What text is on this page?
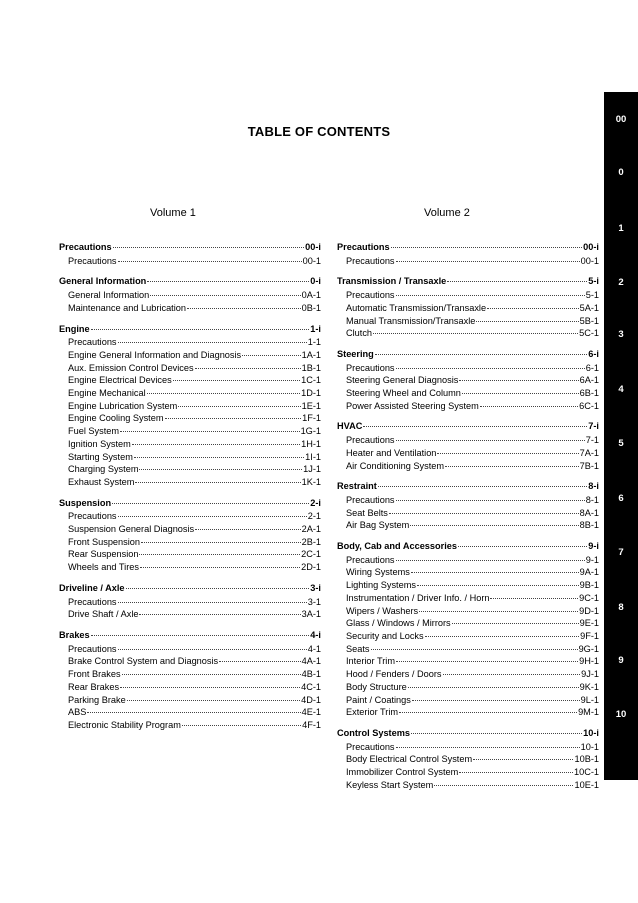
TABLE OF CONTENTS
Volume 1	Volume 2
Precautions	00-i
Precautions	00-1
General Information	0-i
General Information	0A-1
Maintenance and Lubrication	0B-1
Engine	1-i
Precautions	1-1
Engine General Information and Diagnosis	1A-1
Aux. Emission Control Devices	1B-1
Engine Electrical Devices	1C-1
Engine Mechanical	1D-1
Engine Lubrication System	1E-1
Engine Cooling System	1F-1
Fuel System	1G-1
Ignition System	1H-1
Starting System	1I-1
Charging System	1J-1
Exhaust System	1K-1
Suspension	2-i
Precautions	2-1
Suspension General Diagnosis	2A-1
Front Suspension	2B-1
Rear Suspension	2C-1
Wheels and Tires	2D-1
Driveline / Axle	3-i
Precautions	3-1
Drive Shaft / Axle	3A-1
Brakes	4-i
Precautions	4-1
Brake Control System and Diagnosis	4A-1
Front Brakes	4B-1
Rear Brakes	4C-1
Parking Brake	4D-1
ABS	4E-1
Electronic Stability Program	4F-1
Precautions	00-i
Precautions	00-1
Transmission / Transaxle	5-i
Precautions	5-1
Automatic Transmission/Transaxle	5A-1
Manual Transmission/Transaxle	5B-1
Clutch	5C-1
Steering	6-i
Precautions	6-1
Steering General Diagnosis	6A-1
Steering Wheel and Column	6B-1
Power Assisted Steering System	6C-1
HVAC	7-i
Precautions	7-1
Heater and Ventilation	7A-1
Air Conditioning System	7B-1
Restraint	8-i
Precautions	8-1
Seat Belts	8A-1
Air Bag System	8B-1
Body, Cab and Accessories	9-i
Precautions	9-1
Wiring Systems	9A-1
Lighting Systems	9B-1
Instrumentation / Driver Info. / Horn	9C-1
Wipers / Washers	9D-1
Glass / Windows / Mirrors	9E-1
Security and Locks	9F-1
Seats	9G-1
Interior Trim	9H-1
Hood / Fenders / Doors	9J-1
Body Structure	9K-1
Paint / Coatings	9L-1
Exterior Trim	9M-1
Control Systems	10-i
Precautions	10-1
Body Electrical Control System	10B-1
Immobilizer Control System	10C-1
Keyless Start System	10E-1
00
0
1
2
3
4
5
6
7
8
9
10
